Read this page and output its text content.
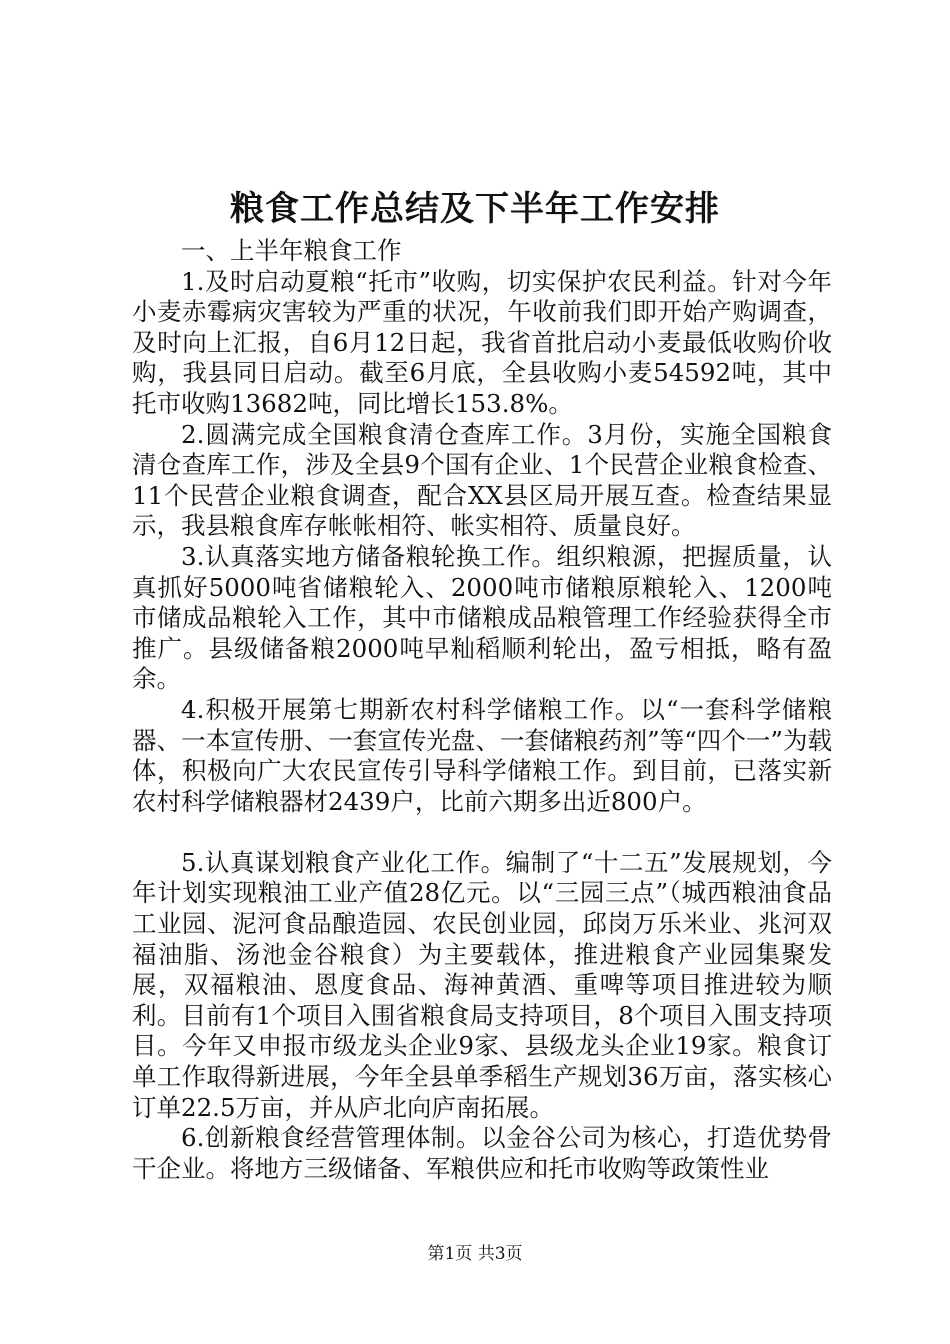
粮食工作总结及下半年工作安排

一、上半年粮食工作

1.及时启动夏粮“托市”收购，切实保护农民利益。针对今年小麦赤霉病灾害较为严重的状况，午收前我们即开始产购调查，及时向上汇报，自6月12日起，我省首批启动小麦最低收购价收购，我县同日启动。截至6月底，全县收购小麦54592吨，其中托市收购13682吨，同比增长153.8%。

2.圆满完成全国粮食清仓查库工作。3月份，实施全国粮食清仓查库工作，涉及全县9个国有企业、1个民营企业粮食检查、11个民营企业粮食调查，配合XX县区局开展互查。检查结果显示，我县粮食库存帐帐相符、帐实相符、质量良好。

3.认真落实地方储备粮轮换工作。组织粮源，把握质量，认真抓好5000吨省储粮轮入、2000吨市储粮原粮轮入、1200吨市储成品粮轮入工作，其中市储粮成品粮管理工作经验获得全市推广。县级储备粮2000吨早籼稻顺利轮出，盈亏相抵，略有盈余。

4.积极开展第七期新农村科学储粮工作。以“一套科学储粮器、一本宣传册、一套宣传光盘、一套储粮药剂”等“四个一”为载体，积极向广大农民宣传引导科学储粮工作。到目前，已落实新农村科学储粮器材2439户，比前六期多出近800户。

5.认真谋划粮食产业化工作。编制了“十二五”发展规划，今年计划实现粮油工业产值28亿元。以“三园三点”（城西粮油食品工业园、泥河食品酿造园、农民创业园，邱岗万乐米业、兆河双福油脂、汤池金谷粮食）为主要载体，推进粮食产业园集聚发展，双福粮油、恩度食品、海神黄酒、重啤等项目推进较为顺利。目前有1个项目入围省粮食局支持项目，8个项目入围支持项目。今年又申报市级龙头企业9家、县级龙头企业19家。粮食订单工作取得新进展，今年全县单季稻生产规划36万亩，落实核心订单22.5万亩，并从庐北向庐南拓展。

6.创新粮食经营管理体制。以金谷公司为核心，打造优势骨干企业。将地方三级储备、军粮供应和托市收购等政策性业

第1页 共3页
